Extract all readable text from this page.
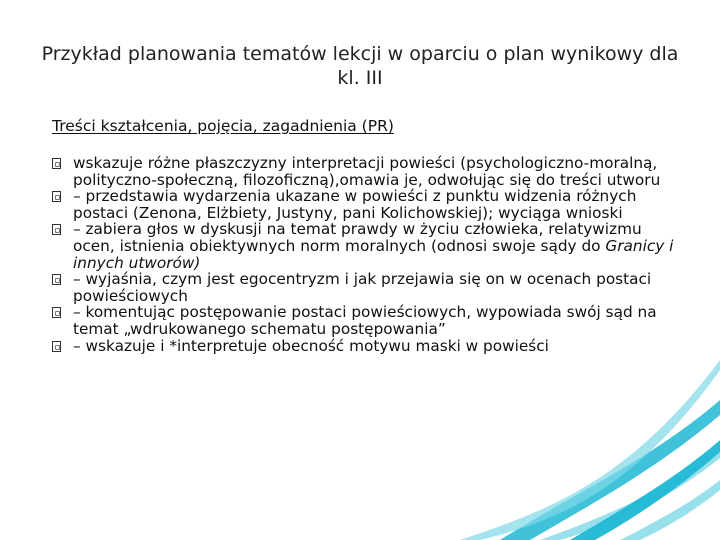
Przykład planowania tematów lekcji w oparciu o plan wynikowy dla kl. III
Treści kształcenia, pojęcia, zagadnienia (PR)
wskazuje różne płaszczyzny interpretacji powieści (psychologiczno-moralną, polityczno-społeczną, filozoficzną),omawia je, odwołując się do treści utworu
– przedstawia wydarzenia ukazane w powieści z punktu widzenia różnych postaci (Zenona, Elżbiety, Justyny, pani Kolichowskiej); wyciąga wnioski
– zabiera głos w dyskusji na temat prawdy w życiu człowieka, relatywizmu ocen, istnienia obiektywnych norm moralnych (odnosi swoje sądy do Granicy i innych utworów)
– wyjaśnia, czym jest egocentryzm i jak przejawia się on w ocenach postaci powieściowych
– komentując postępowanie postaci powieściowych, wypowiada swój sąd na temat „wdrukowanego schematu postępowania”
– wskazuje i *interpretuje obecność motywu maski w powieści
